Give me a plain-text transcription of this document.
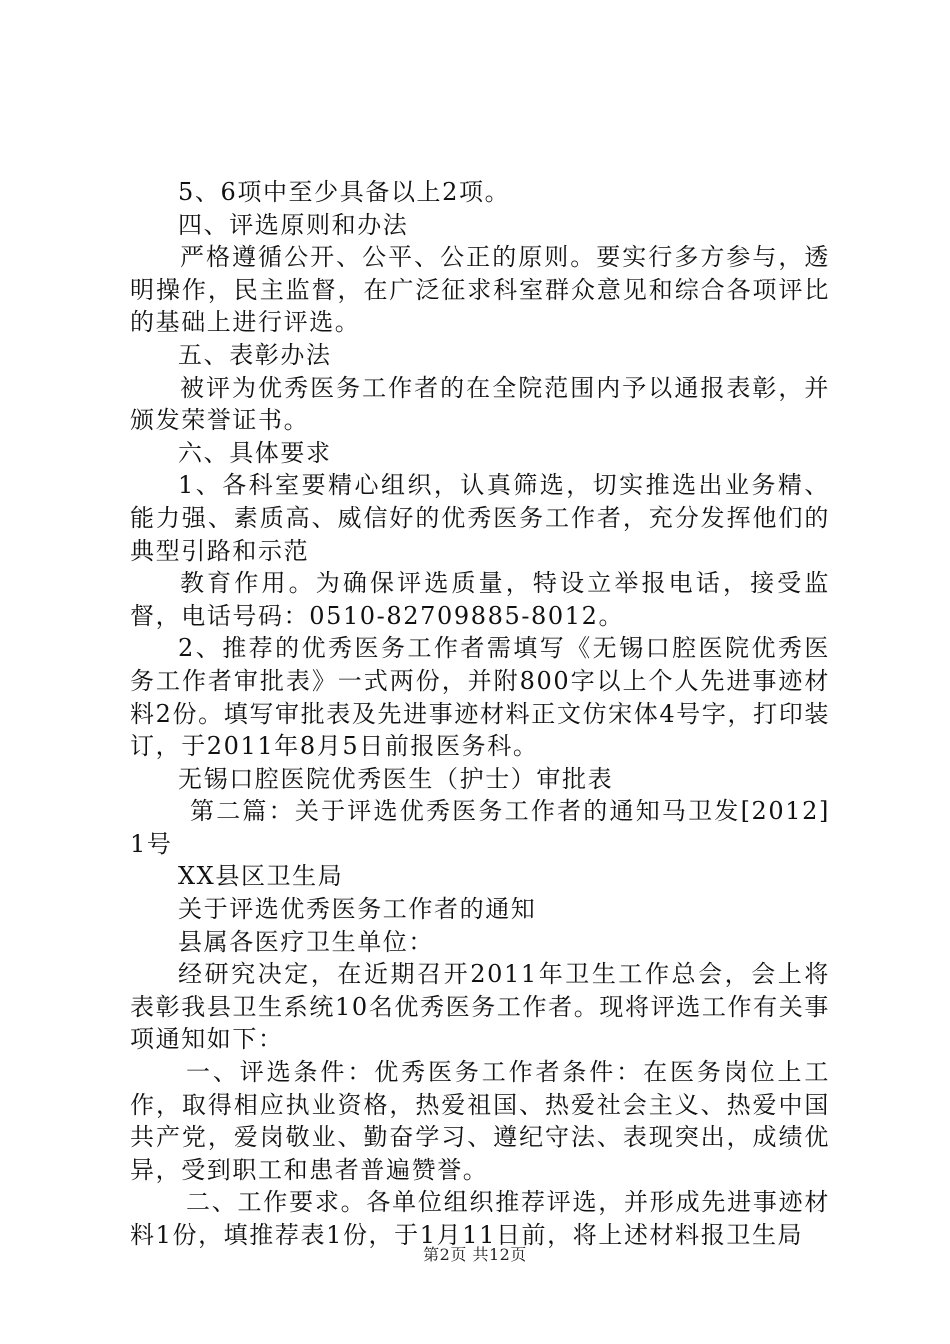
5、6项中至少具备以上2项。

四、评选原则和办法

严格遵循公开、公平、公正的原则。要实行多方参与，透明操作，民主监督，在广泛征求科室群众意见和综合各项评比的基础上进行评选。

五、表彰办法

被评为优秀医务工作者的在全院范围内予以通报表彰，并颁发荣誉证书。

六、具体要求

1、各科室要精心组织，认真筛选，切实推选出业务精、能力强、素质高、威信好的优秀医务工作者，充分发挥他们的典型引路和示范

教育作用。为确保评选质量，特设立举报电话，接受监督，电话号码：0510-82709885-8012。

2、推荐的优秀医务工作者需填写《无锡口腔医院优秀医务工作者审批表》一式两份，并附800字以上个人先进事迹材料2份。填写审批表及先进事迹材料正文仿宋体4号字，打印装订，于2011年8月5日前报医务科。

无锡口腔医院优秀医生（护士）审批表

第二篇：关于评选优秀医务工作者的通知马卫发[2012]1号

XX县区卫生局

关于评选优秀医务工作者的通知

县属各医疗卫生单位：

经研究决定，在近期召开2011年卫生工作总会，会上将表彰我县卫生系统10名优秀医务工作者。现将评选工作有关事项通知如下：

一、评选条件：优秀医务工作者条件：在医务岗位上工作，取得相应执业资格，热爱祖国、热爱社会主义、热爱中国共产党，爱岗敬业、勤奋学习、遵纪守法、表现突出，成绩优异，受到职工和患者普遍赞誉。

二、工作要求。各单位组织推荐评选，并形成先进事迹材料1份，填推荐表1份，于1月11日前，将上述材料报卫生局

第2页 共12页
